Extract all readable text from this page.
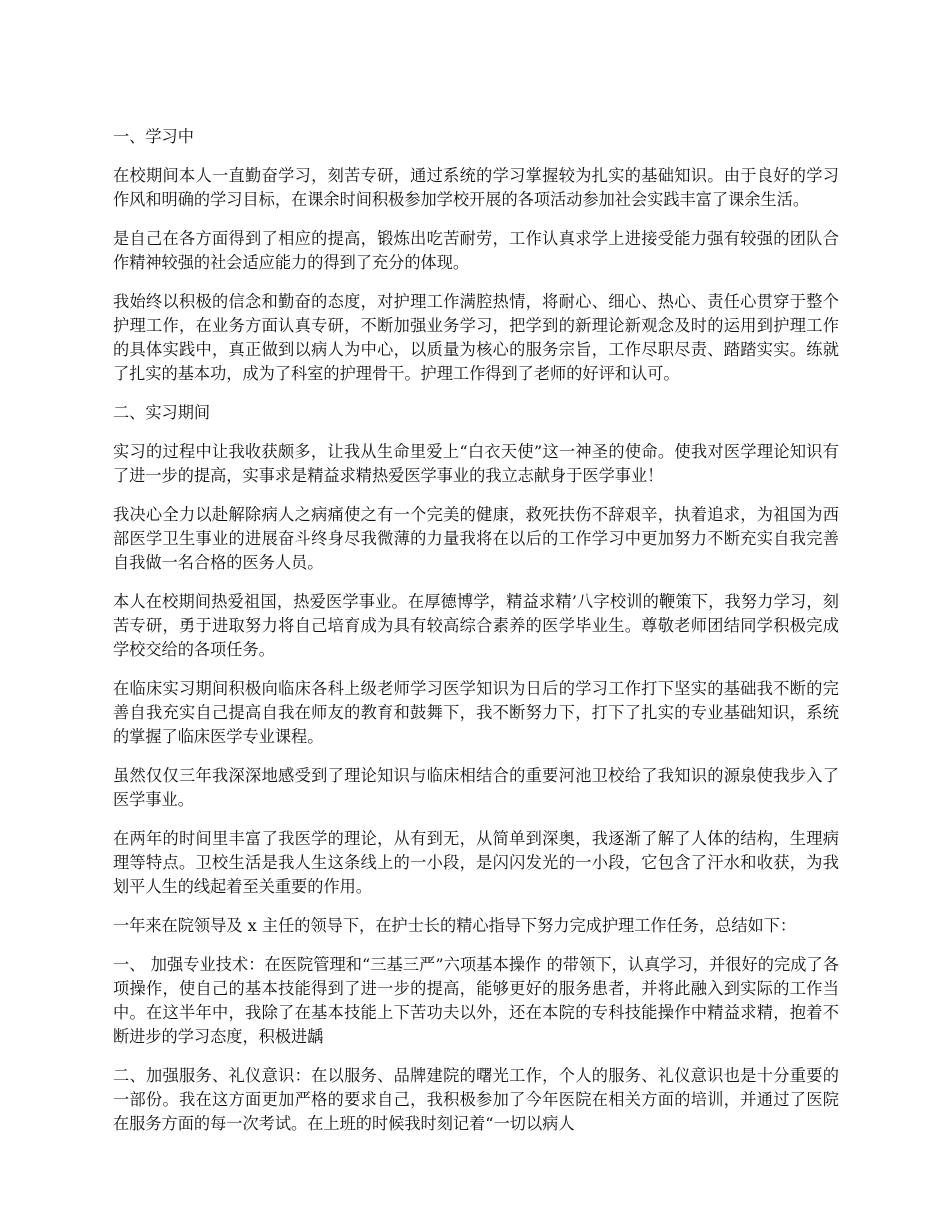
一、学习中

在校期间本人一直勤奋学习，刻苦专研，通过系统的学习掌握较为扎实的基础知识。由于良好的学习作风和明确的学习目标，在课余时间积极参加学校开展的各项活动参加社会实践丰富了课余生活。

是自己在各方面得到了相应的提高，锻炼出吃苦耐劳，工作认真求学上进接受能力强有较强的团队合作精神较强的社会适应能力的得到了充分的体现。

我始终以积极的信念和勤奋的态度，对护理工作满腔热情，将耐心、细心、热心、责任心贯穿于整个护理工作，在业务方面认真专研，不断加强业务学习，把学到的新理论新观念及时的运用到护理工作的具体实践中，真正做到以病人为中心，以质量为核心的服务宗旨，工作尽职尽责、踏踏实实。练就了扎实的基本功，成为了科室的护理骨干。护理工作得到了老师的好评和认可。

二、实习期间

实习的过程中让我收获颇多，让我从生命里爱上“白衣天使”这一神圣的使命。使我对医学理论知识有了进一步的提高，实事求是精益求精热爱医学事业的我立志献身于医学事业！

我决心全力以赴解除病人之病痛使之有一个完美的健康，救死扶伤不辞艰辛，执着追求，为祖国为西部医学卫生事业的进展奋斗终身尽我微薄的力量我将在以后的工作学习中更加努力不断充实自我完善自我做一名合格的医务人员。

本人在校期间热爱祖国，热爱医学事业。在厚德博学，精益求精’八字校训的鞭策下，我努力学习，刻苦专研，勇于进取努力将自己培育成为具有较高综合素养的医学毕业生。尊敬老师团结同学积极完成学校交给的各项任务。

在临床实习期间积极向临床各科上级老师学习医学知识为日后的学习工作打下坚实的基础我不断的完善自我充实自己提高自我在师友的教育和鼓舞下，我不断努力下，打下了扎实的专业基础知识，系统的掌握了临床医学专业课程。

虽然仅仅三年我深深地感受到了理论知识与临床相结合的重要河池卫校给了我知识的源泉使我步入了医学事业。

在两年的时间里丰富了我医学的理论，从有到无，从简单到深奥，我逐渐了解了人体的结构，生理病理等特点。卫校生活是我人生这条线上的一小段，是闪闪发光的一小段，它包含了汗水和收获，为我划平人生的线起着至关重要的作用。

一年来在院领导及 x 主任的领导下，在护士长的精心指导下努力完成护理工作任务，总结如下：

一、 加强专业技术：在医院管理和“三基三严”六项基本操作 的带领下，认真学习，并很好的完成了各项操作，使自己的基本技能得到了进一步的提高，能够更好的服务患者，并将此融入到实际的工作当中。在这半年中，我除了在基本技能上下苦功夫以外，还在本院的专科技能操作中精益求精，抱着不断进步的学习态度，积极进龋

二、加强服务、礼仪意识：在以服务、品牌建院的曙光工作，个人的服务、礼仪意识也是十分重要的一部份。我在这方面更加严格的要求自己，我积极参加了今年医院在相关方面的培训，并通过了医院在服务方面的每一次考试。在上班的时候我时刻记着“一切以病人
